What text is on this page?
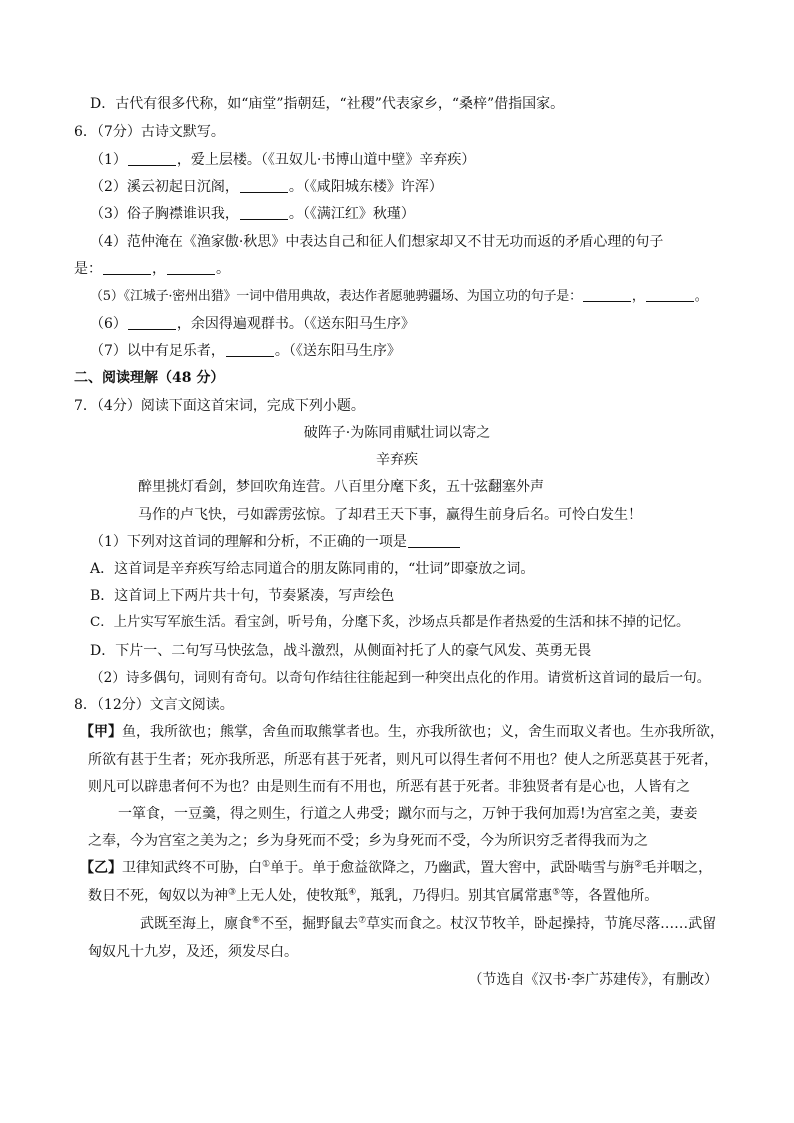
D．古代有很多代称，如“庙堂”指朝廷，“社稷”代表家乡，“桑梓”借指国家。
6．（7分）古诗文默写。
（1）	，爱上层楼。（《丑奴儿·书博山道中壁》辛弃疾）
（2）溪云初起日沉阁，	。（《咸阳城东楼》许浑）
（3）俗子胸襟谁识我，	。（《满江红》秋瑾）
（4）范仲淹在《渔家傲·秋思》中表达自己和征人们想家却又不甘无功而返的矛盾心理的句子
是：	，	。
（5）《江城子·密州出猎》一词中借用典故，表达作者愿驰骋疆场、为国立功的句子是：	，	。
（6）	，余因得遍观群书。（《送东阳马生序》
（7）以中有足乐者，	。（《送东阳马生序》
二、阅读理解（48 分）
7．（4分）阅读下面这首宋词，完成下列小题。
破阵子·为陈同甫赋壮词以寄之
辛弃疾
醉里挑灯看剑，梦回吹角连营。八百里分麾下炙，五十弦翻塞外声
马作的卢飞快，弓如霹雳弦惊。了却君王天下事，赢得生前身后名。可怜白发生！
（1）下列对这首词的理解和分析，不正确的一项是
A．这首词是辛弃疾写给志同道合的朋友陈同甫的，“壮词”即豪放之词。
B．这首词上下两片共十句，节奏紧凑，写声绘色
C．上片实写军旅生活。看宝剑，听号角，分麾下炙，沙场点兵都是作者热爱的生活和抹不掉的记忆。
D．下片一、二句写马快弦急，战斗激烈，从侧面衬托了人的豪气风发、英勇无畏
（2）诗多偶句，词则有奇句。以奇句作结往往能起到一种突出点化的作用。请赏析这首词的最后一句。
8．（12分）文言文阅读。
【甲】鱼，我所欲也；熊掌，舍鱼而取熊掌者也。生，亦我所欲也；义，舍生而取义者也。生亦我所欲，
所欲有甚于生者；死亦我所恶，所恶有甚于死者，则凡可以得生者何不用也？使人之所恶莫甚于死者，
则凡可以辟患者何不为也？由是则生而有不用也，所恶有甚于死者。非独贤者有是心也，人皆有之
一箪食，一豆羹，得之则生，行道之人弗受；蹴尔而与之，万钟于我何加焉!为宫室之美，妻妾
之奉，今为宫室之美为之；乡为身死而不受；乡为身死而不受，今为所识穷乏者得我而为之
【乙】卫律知武终不可胁，白①单于。单于愈益欲降之，乃幽武，置大窖中，武卧啮雪与旃②毛并咽之，
数日不死，匈奴以为神③上无人处，使牧羝④，羝乳，乃得归。别其官属常惠⑤等，各置他所。
武既至海上，廪食⑥不至，掘野鼠去⑦草实而食之。杖汉节牧羊，卧起操持，节旄尽落……武留
匈奴凡十九岁，及还，须发尽白。
（节选自《汉书·李广苏建传》，有删改）
